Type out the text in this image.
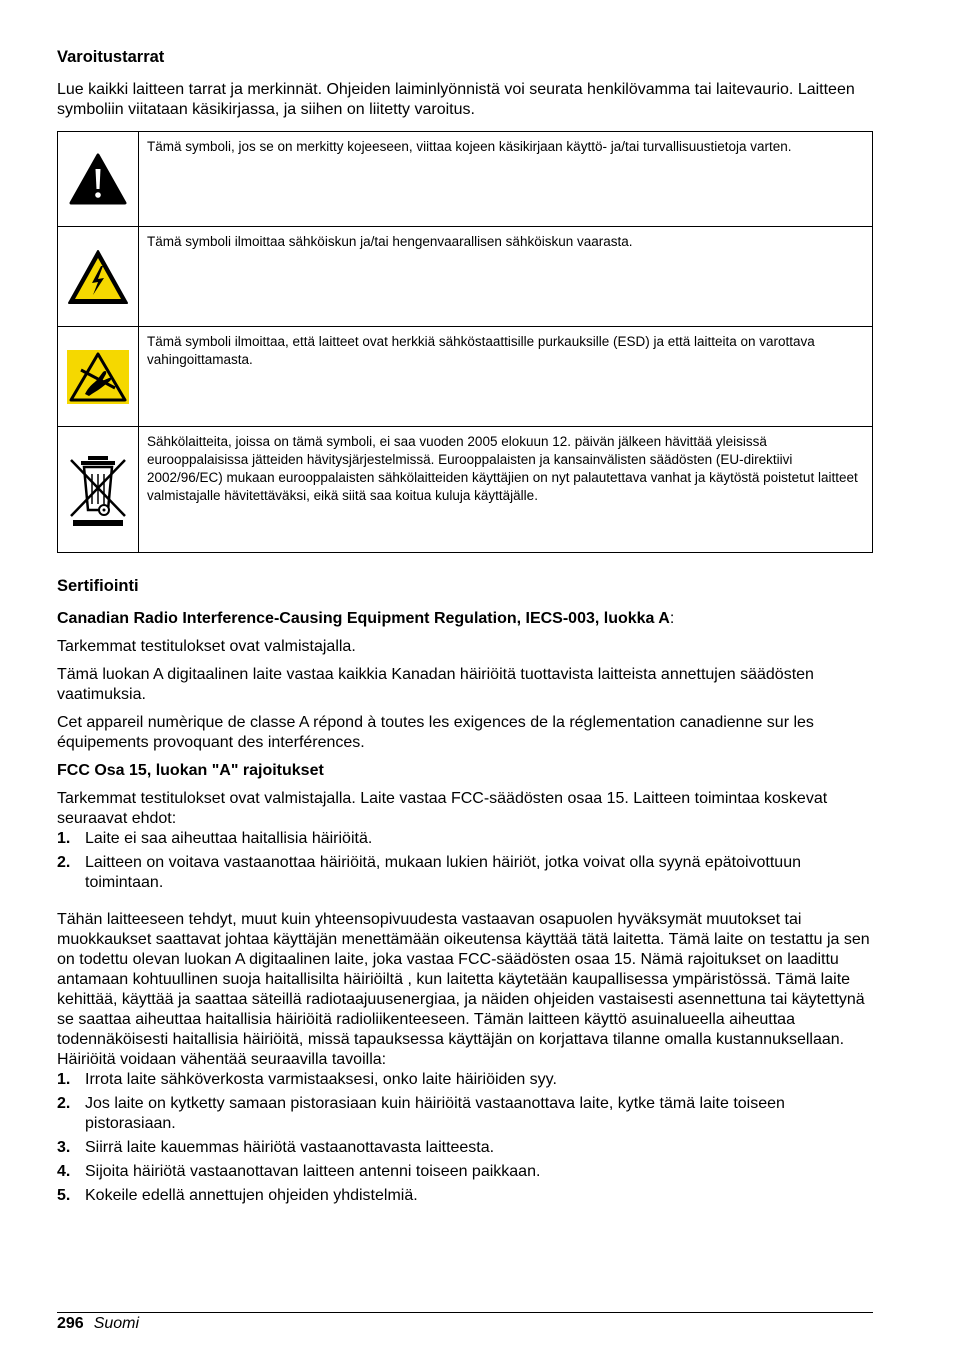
Varoitustarrat

Lue kaikki laitteen tarrat ja merkinnät. Ohjeiden laiminlyönnistä voi seurata henkilövamma tai laitevaurio. Laitteen symboliin viitataan käsikirjassa, ja siihen on liitetty varoitus.

	Tämä symboli, jos se on merkitty kojeeseen, viittaa kojeen käsikirjaan käyttö- ja/tai turvallisuustietoja varten.

	Tämä symboli ilmoittaa sähköiskun ja/tai hengenvaarallisen sähköiskun vaarasta.

	Tämä symboli ilmoittaa, että laitteet ovat herkkiä sähköstaattisille purkauksille (ESD) ja että laitteita on varottava vahingoittamasta.

	Sähkölaitteita, joissa on tämä symboli, ei saa vuoden 2005 elokuun 12. päivän jälkeen hävittää yleisissä eurooppalaisissa jätteiden hävitysjärjestelmissä. Eurooppalaisten ja kansainvälisten säädösten (EU-direktiivi 2002/96/EC) mukaan eurooppalaisten sähkölaitteiden käyttäjien on nyt palautettava vanhat ja käytöstä poistetut laitteet valmistajalle hävitettäväksi, eikä siitä saa koitua kuluja käyttäjälle.
Sertifiointi
Canadian Radio Interference-Causing Equipment Regulation, IECS-003, luokka A:

Tarkemmat testitulokset ovat valmistajalla.

Tämä luokan A digitaalinen laite vastaa kaikkia Kanadan häiriöitä tuottavista laitteista annettujen säädösten vaatimuksia.

Cet appareil numèrique de classe A répond à toutes les exigences de la réglementation canadienne sur les équipements provoquant des interférences.

FCC Osa 15, luokan "A" rajoitukset

Tarkemmat testitulokset ovat valmistajalla. Laite vastaa FCC-säädösten osaa 15. Laitteen toimintaa koskevat seuraavat ehdot:

1. Laite ei saa aiheuttaa haitallisia häiriöitä.
2. Laitteen on voitava vastaanottaa häiriöitä, mukaan lukien häiriöt, jotka voivat olla syynä epätoivottuun toimintaan.

Tähän laitteeseen tehdyt, muut kuin yhteensopivuudesta vastaavan osapuolen hyväksymät muutokset tai muokkaukset saattavat johtaa käyttäjän menettämään oikeutensa käyttää tätä laitetta. Tämä laite on testattu ja sen on todettu olevan luokan A digitaalinen laite, joka vastaa FCC-säädösten osaa 15. Nämä rajoitukset on laadittu antamaan kohtuullinen suoja haitallisilta häiriöiltä , kun laitetta käytetään kaupallisessa ympäristössä. Tämä laite kehittää, käyttää ja saattaa säteillä radiotaajuusenergiaa, ja näiden ohjeiden vastaisesti asennettuna tai käytettynä se saattaa aiheuttaa haitallisia häiriöitä radioliikenteeseen. Tämän laitteen käyttö asuinalueella aiheuttaa todennäköisesti haitallisia häiriöitä, missä tapauksessa käyttäjän on korjattava tilanne omalla kustannuksellaan. Häiriöitä voidaan vähentää seuraavilla tavoilla:

1. Irrota laite sähköverkosta varmistaaksesi, onko laite häiriöiden syy.
2. Jos laite on kytketty samaan pistorasiaan kuin häiriöitä vastaanottava laite, kytke tämä laite toiseen pistorasiaan.
3. Siirrä laite kauemmas häiriötä vastaanottavasta laitteesta.
4. Sijoita häiriötä vastaanottavan laitteen antenni toiseen paikkaan.
5. Kokeile edellä annettujen ohjeiden yhdistelmiä.
296 Suomi
